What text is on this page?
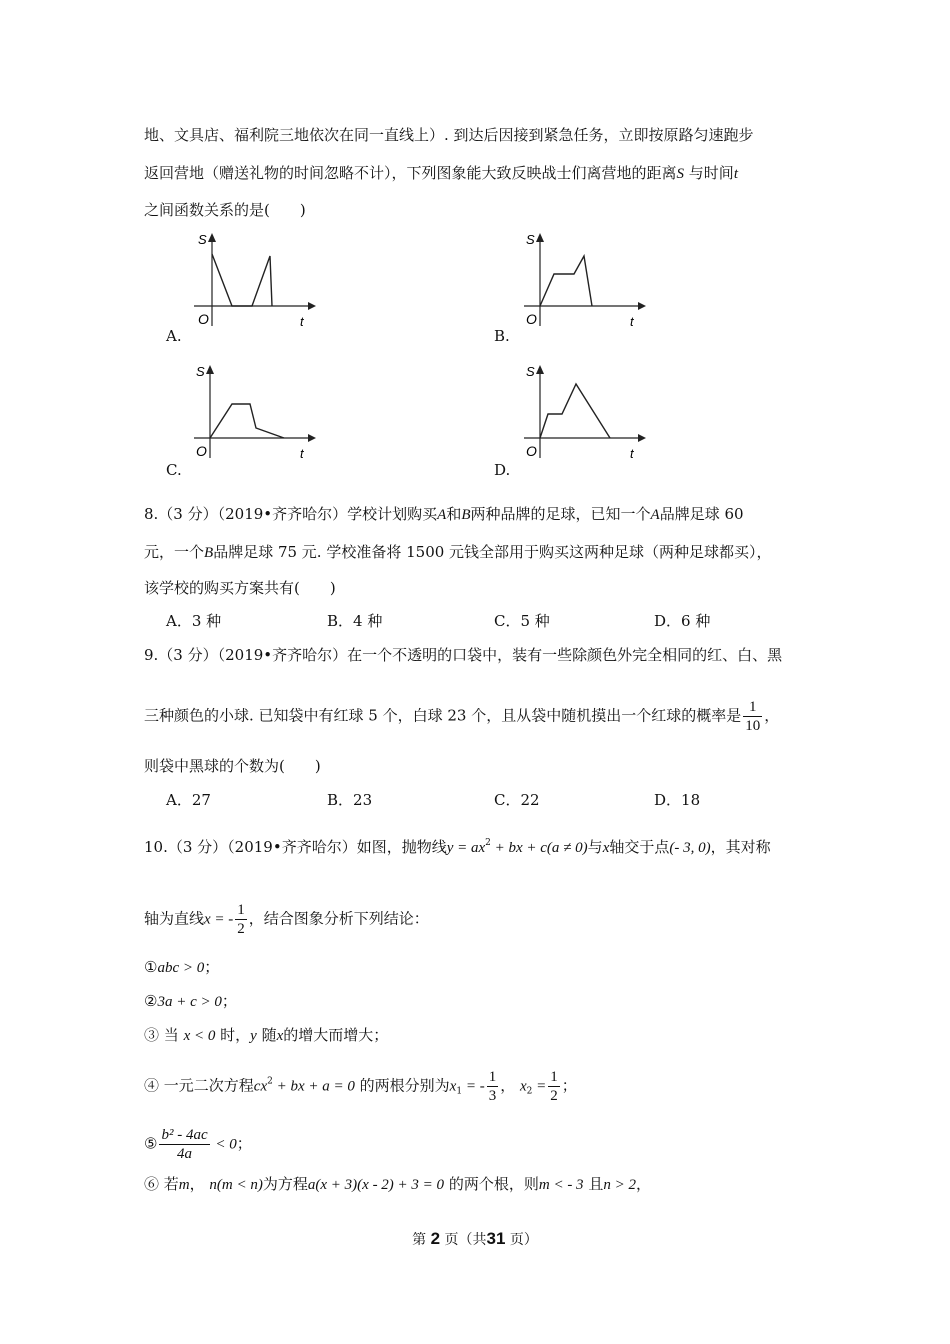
地、文具店、福利院三地依次在同一直线上）. 到达后因接到紧急任务，立即按原路匀速跑步
返回营地（赠送礼物的时间忽略不计），下列图象能大致反映战士们离营地的距离S 与时间t
之间函数关系的是(　　)
S
O	t
A.
S
O	t
B.
S
O	t
C.
S
O	t
D.
8.（3 分）（2019•齐齐哈尔）学校计划购买A和B两种品牌的足球，已知一个A品牌足球 60
元，一个B品牌足球 75 元. 学校准备将 1500 元钱全部用于购买这两种足球（两种足球都买），
该学校的购买方案共有(　　)
A．3 种	B．4 种	C．5 种	D．6 种
9.（3 分）（2019•齐齐哈尔）在一个不透明的口袋中，装有一些除颜色外完全相同的红、白、黑
三种颜色的小球. 已知袋中有红球 5 个，白球 23 个，且从袋中随机摸出一个红球的概率是 $\frac{1}{10}$ ，
则袋中黑球的个数为(　　)
A．27	B．23	C．22	D．18
10.（3 分）（2019•齐齐哈尔）如图，抛物线$y = ax^2$ + bx + c(a ≠ 0)与x轴交于点(- 3, 0)，其对称
轴为直线x = - $\frac{1}{2}$ ，结合图象分析下列结论：
①abc > 0；
②3a + c > 0；
③ 当 x < 0 时，y 随x的增大而增大；
④ 一元二次方程$cx^2$ + bx + a = 0 的两根分别为$x_1$ = - $\frac{1}{3}$ ， $x_2 = \frac{1}{2}$ ；
⑤ $\frac{\text{b² - 4ac}}{4a} < 0$；
⑥ 若m， n(m < n)为方程a(x + 3)(x - 2) + 3 = 0 的两个根，则m < - 3 且n > 2，
第 2 页（共31 页）
